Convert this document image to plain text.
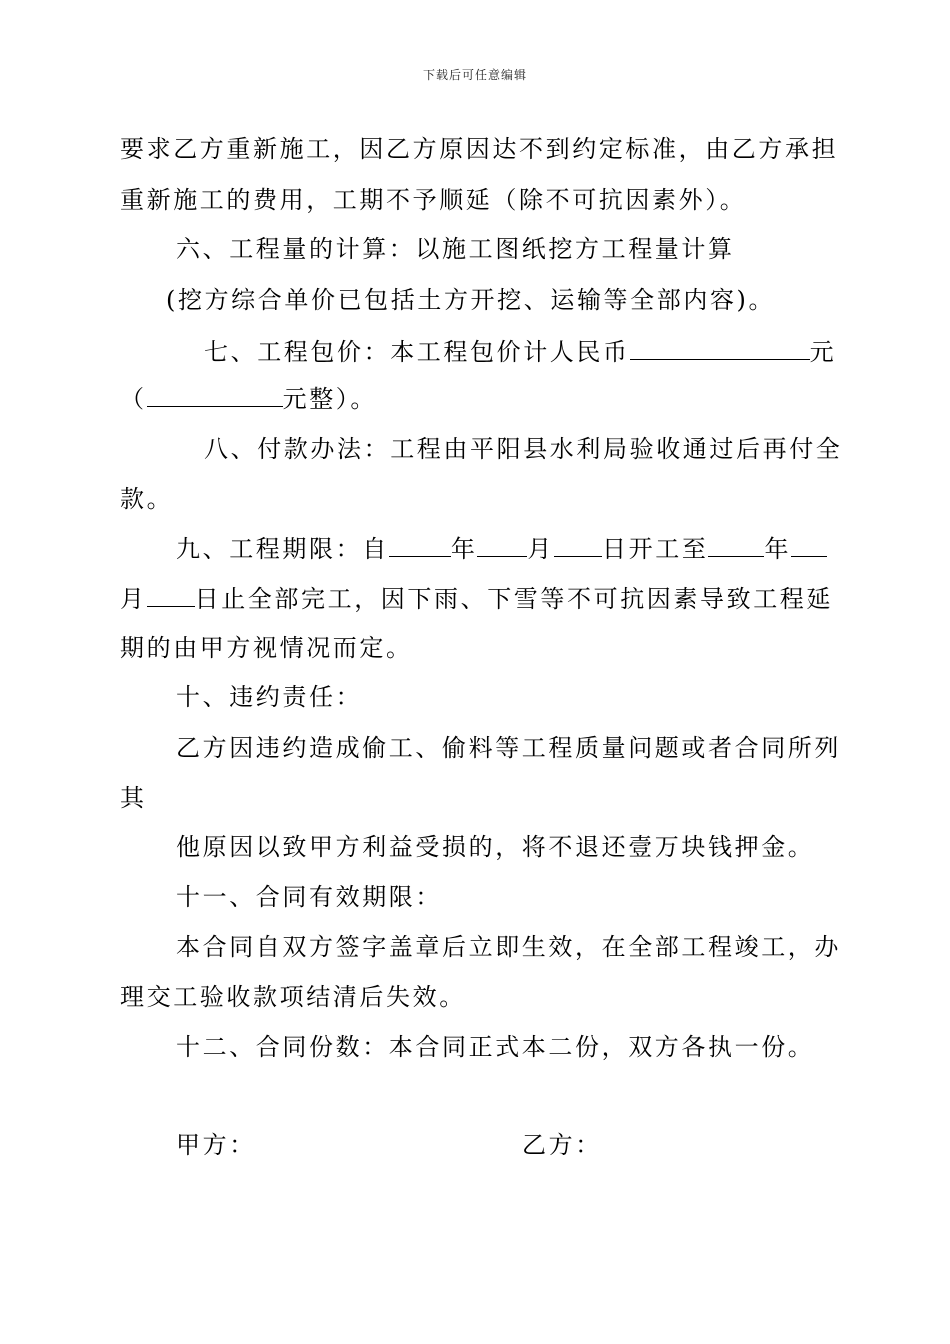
下载后可任意编辑
要求乙方重新施工，因乙方原因达不到约定标准，由乙方承担
重新施工的费用，工期不予顺延（除不可抗因素外）。
六、工程量的计算：以施工图纸挖方工程量计算
(挖方综合单价已包括土方开挖、运输等全部内容)。
七、工程包价：本工程包价计人民币	元
（	元整）。
八、付款办法：工程由平阳县水利局验收通过后再付全
款。
九、工程期限：自	年 月 日开工至 年
月 日止全部完工，因下雨、下雪等不可抗因素导致工程延
期的由甲方视情况而定。
十、违约责任：
乙方因违约造成偷工、偷料等工程质量问题或者合同所列
其
他原因以致甲方利益受损的，将不退还壹万块钱押金。
十一、合同有效期限：
本合同自双方签字盖章后立即生效，在全部工程竣工，办
理交工验收款项结清后失效。
十二、合同份数：本合同正式本二份，双方各执一份。
甲方：	乙方：
